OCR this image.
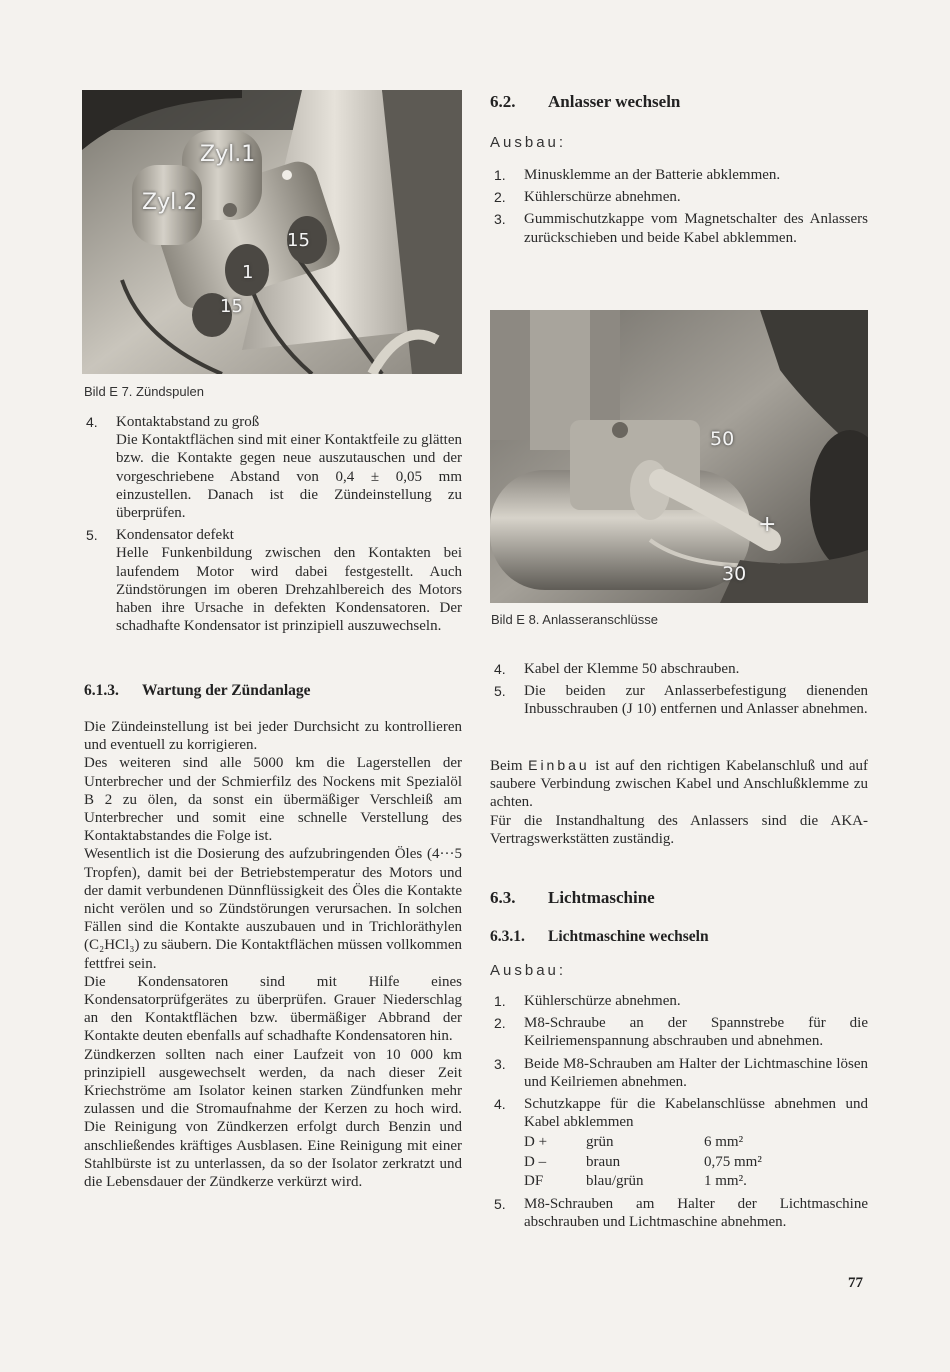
Zyl.1
Zyl.2
15
1
15
Bild E 7. Zündspulen
50
+
30
Bild E 8. Anlasseranschlüsse
4.	Kontaktabstand zu groß

Die Kontaktflächen sind mit einer Kontaktfeile zu glätten bzw. die Kontakte gegen neue auszutauschen und der vorgeschriebene Abstand von 0,4 ± 0,05 mm einzustellen. Danach ist die Zündeinstellung zu überprüfen.

5.	Kondensator defekt

Helle Funkenbildung zwischen den Kontakten bei laufendem Motor wird dabei festgestellt. Auch Zündstörungen im oberen Drehzahlbereich des Motors haben ihre Ursache in defekten Kondensatoren. Der schadhafte Kondensator ist prinzipiell auszuwechseln.

6.1.3. Wartung der Zündanlage

Die Zündeinstellung ist bei jeder Durchsicht zu kontrollieren und eventuell zu korrigieren.

Des weiteren sind alle 5000 km die Lagerstellen der Unterbrecher und der Schmierfilz des Nockens mit Spezialöl B 2 zu ölen, da sonst ein übermäßiger Verschleiß am Unterbrecher und somit eine schnelle Verstellung des Kontaktabstandes die Folge ist.

Wesentlich ist die Dosierung des aufzubringenden Öles (4···5 Tropfen), damit bei der Betriebstemperatur des Motors und der damit verbundenen Dünnflüssigkeit des Öles die Kontakte nicht verölen und so Zündstörungen verursachen. In solchen Fällen sind die Kontakte auszubauen und in Trichloräthylen (C₂HCl₃) zu säubern. Die Kontaktflächen müssen vollkommen fettfrei sein.

Die Kondensatoren sind mit Hilfe eines Kondensatorprüfgerätes zu überprüfen. Grauer Niederschlag an den Kontaktflächen bzw. übermäßiger Abbrand der Kontakte deuten ebenfalls auf schadhafte Kondensatoren hin.

Zündkerzen sollten nach einer Laufzeit von 10 000 km prinzipiell ausgewechselt werden, da nach dieser Zeit Kriechströme am Isolator keinen starken Zündfunken mehr zulassen und die Stromaufnahme der Kerzen zu hoch wird. Die Reinigung von Zündkerzen erfolgt durch Benzin und anschließendes kräftiges Ausblasen. Eine Reinigung mit einer Stahlbürste ist zu unterlassen, da so der Isolator zerkratzt und die Lebensdauer der Zündkerze verkürzt wird.

6.2. Anlasser wechseln
Ausbau:
1.	Minusklemme an der Batterie abklemmen.
2.	Kühlerschürze abnehmen.
3.	Gummischutzkappe vom Magnetschalter des Anlassers zurückschieben und beide Kabel abklemmen.
4.	Kabel der Klemme 50 abschrauben.
5.	Die beiden zur Anlasserbefestigung dienenden Inbusschrauben (J 10) entfernen und Anlasser abnehmen.

Beim Einbau ist auf den richtigen Kabelanschluß und auf saubere Verbindung zwischen Kabel und Anschlußklemme zu achten.

Für die Instandhaltung des Anlassers sind die AKA-Vertragswerkstätten zuständig.

6.3. Lichtmaschine
6.3.1. Lichtmaschine wechseln
Ausbau:
1.	Kühlerschürze abnehmen.
2.	M8-Schraube an der Spannstrebe für die Keilriemenspannung abschrauben und abnehmen.
3.	Beide M8-Schrauben am Halter der Lichtmaschine lösen und Keilriemen abnehmen.
4.	Schutzkappe für die Kabelanschlüsse abnehmen und Kabel abklemmen
D +	grün	6 mm²
D –	braun	0,75 mm²
DF	blau/grün	1 mm².
5.	M8-Schrauben am Halter der Lichtmaschine abschrauben und Lichtmaschine abnehmen.
77
